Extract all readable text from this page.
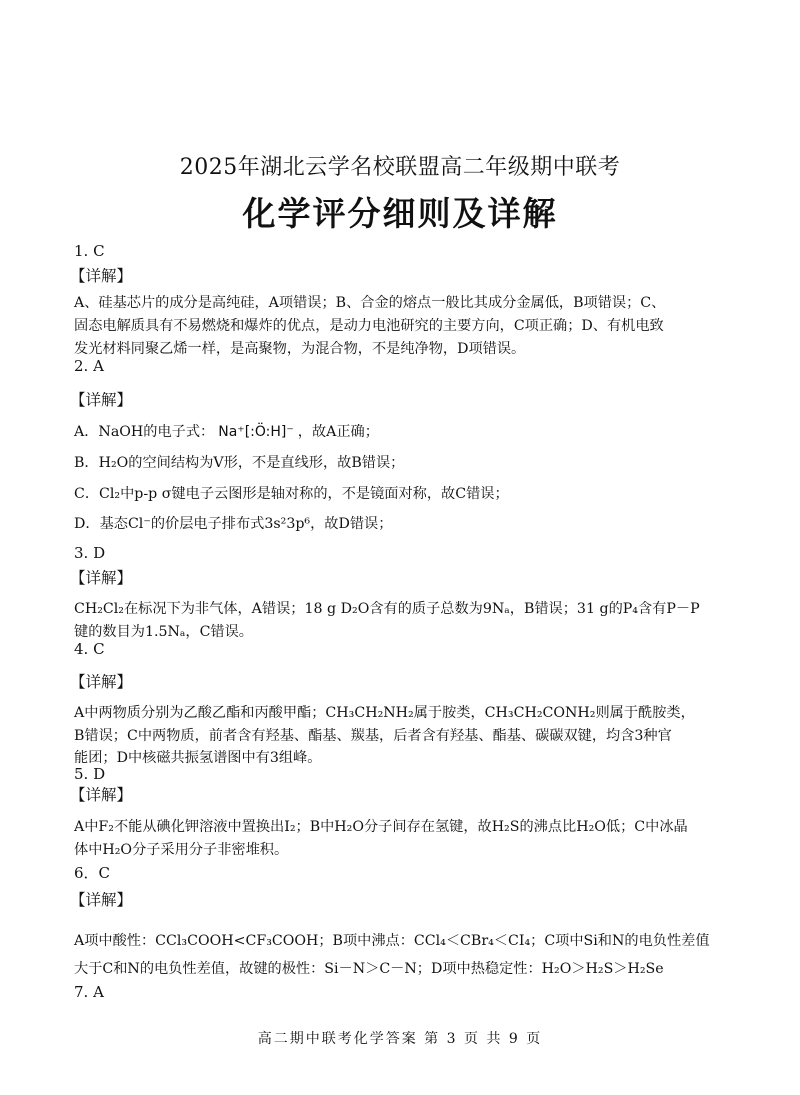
2025年湖北云学名校联盟高二年级期中联考
化学评分细则及详解
1. C
【详解】
A、硅基芯片的成分是高纯硅，A项错误；B、合金的熔点一般比其成分金属低，B项错误；C、
固态电解质具有不易燃烧和爆炸的优点，是动力电池研究的主要方向，C项正确；D、有机电致
发光材料同聚乙烯一样，是高聚物，为混合物，不是纯净物，D项错误。
2. A
【详解】
A．NaOH的电子式： Na⁺[:Ö:H]⁻ ，故A正确；
B．H₂O的空间结构为V形，不是直线形，故B错误；
C．Cl₂中p-p σ键电子云图形是轴对称的，不是镜面对称，故C错误；
D．基态Cl⁻的价层电子排布式3s²3p⁶，故D错误；
3. D
【详解】
CH₂Cl₂在标况下为非气体，A错误；18 g D₂O含有的质子总数为9Nₐ，B错误；31 g的P₄含有P－P
键的数目为1.5Nₐ，C错误。
4. C
【详解】
A中两物质分别为乙酸乙酯和丙酸甲酯；CH₃CH₂NH₂属于胺类，CH₃CH₂CONH₂则属于酰胺类，
B错误；C中两物质，前者含有羟基、酯基、羰基，后者含有羟基、酯基、碳碳双键，均含3种官
能团；D中核磁共振氢谱图中有3组峰。
5. D
【详解】
A中F₂不能从碘化钾溶液中置换出I₂；B中H₂O分子间存在氢键，故H₂S的沸点比H₂O低；C中冰晶
体中H₂O分子采用分子非密堆积。
6．C
【详解】
A项中酸性：CCl₃COOH<CF₃COOH；B项中沸点：CCl₄＜CBr₄＜CI₄；C项中Si和N的电负性差值
大于C和N的电负性差值，故键的极性：Si－N＞C－N；D项中热稳定性：H₂O＞H₂S＞H₂Se
7. A
高二期中联考化学答案 第 3 页 共 9 页
